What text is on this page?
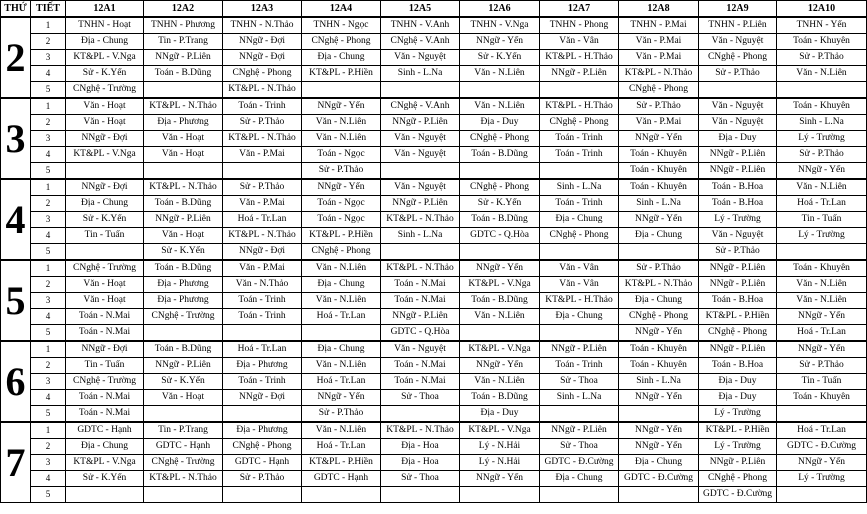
THỨ	TIẾT	12A1	12A2	12A3	12A4	12A5	12A6	12A7	12A8	12A9	12A10
2	1	TNHN - Hoạt	TNHN - Phương	TNHN - N.Thảo	TNHN - Ngọc	TNHN - V.Anh	TNHN - V.Nga	TNHN - Phong	TNHN - P.Mai	TNHN - P.Liên	TNHN - Yến
	2	Địa - Chung	Tin - P.Trang	NNgữ - Đợi	CNghệ - Phong	CNghệ - V.Anh	NNgữ - Yến	Văn - Vân	Văn - P.Mai	Văn - Nguyệt	Toán - Khuyên
	3	KT&PL - V.Nga	NNgữ - P.Liên	NNgữ - Đợi	Địa - Chung	Văn - Nguyệt	Sử - K.Yến	KT&PL - H.Thảo	Văn - P.Mai	CNghệ - Phong	Sử - P.Thảo
	4	Sử - K.Yến	Toán - B.Dũng	CNghệ - Phong	KT&PL - P.Hiền	Sinh - L.Na	Văn - N.Liên	NNgữ - P.Liên	KT&PL - N.Thảo	Sử - P.Thảo	Văn - N.Liên
	5	CNghệ - Trường		KT&PL - N.Thảo					CNghệ - Phong		
3	1	Văn - Hoạt	KT&PL - N.Thảo	Toán - Trinh	NNgữ - Yến	CNghệ - V.Anh	Văn - N.Liên	KT&PL - H.Thảo	Sử - P.Thảo	Văn - Nguyệt	Toán - Khuyên
	2	Văn - Hoạt	Địa - Phương	Sử - P.Thảo	Văn - N.Liên	NNgữ - P.Liên	Địa - Duy	CNghệ - Phong	Văn - P.Mai	Văn - Nguyệt	Sinh - L.Na
	3	NNgữ - Đợi	Văn - Hoạt	KT&PL - N.Thảo	Văn - N.Liên	Văn - Nguyệt	CNghệ - Phong	Toán - Trinh	NNgữ - Yến	Địa - Duy	Lý - Trường
	4	KT&PL - V.Nga	Văn - Hoạt	Văn - P.Mai	Toán - Ngọc	Văn - Nguyệt	Toán - B.Dũng	Toán - Trinh	Toán - Khuyên	NNgữ - P.Liên	Sử - P.Thảo
	5				Sử - P.Thảo				Toán - Khuyên	NNgữ - P.Liên	NNgữ - Yến
4	1	NNgữ - Đợi	KT&PL - N.Thảo	Sử - P.Thảo	NNgữ - Yến	Văn - Nguyệt	CNghệ - Phong	Sinh - L.Na	Toán - Khuyên	Toán - B.Hoa	Văn - N.Liên
	2	Địa - Chung	Toán - B.Dũng	Văn - P.Mai	Toán - Ngọc	NNgữ - P.Liên	Sử - K.Yến	Toán - Trinh	Sinh - L.Na	Toán - B.Hoa	Hoá - Tr.Lan
	3	Sử - K.Yến	NNgữ - P.Liên	Hoá - Tr.Lan	Toán - Ngọc	KT&PL - N.Thảo	Toán - B.Dũng	Địa - Chung	NNgữ - Yến	Lý - Trường	Tin - Tuấn
	4	Tin - Tuấn	Văn - Hoạt	KT&PL - N.Thảo	KT&PL - P.Hiền	Sinh - L.Na	GDTC - Q.Hòa	CNghệ - Phong	Địa - Chung	Văn - Nguyệt	Lý - Trường
	5		Sử - K.Yến	NNgữ - Đợi	CNghệ - Phong					Sử - P.Thảo	
5	1	CNghệ - Trường	Toán - B.Dũng	Văn - P.Mai	Văn - N.Liên	KT&PL - N.Thảo	NNgữ - Yến	Văn - Vân	Sử - P.Thảo	NNgữ - P.Liên	Toán - Khuyên
	2	Văn - Hoạt	Địa - Phương	Văn - N.Thảo	Địa - Chung	Toán - N.Mai	KT&PL - V.Nga	Văn - Vân	KT&PL - N.Thảo	NNgữ - P.Liên	Văn - N.Liên
	3	Văn - Hoạt	Địa - Phương	Toán - Trinh	Văn - N.Liên	Toán - N.Mai	Toán - B.Dũng	KT&PL - H.Thảo	Địa - Chung	Toán - B.Hoa	Văn - N.Liên
	4	Toán - N.Mai	CNghệ - Trường	Toán - Trinh	Hoá - Tr.Lan	NNgữ - P.Liên	Văn - N.Liên	Địa - Chung	CNghệ - Phong	KT&PL - P.Hiền	NNgữ - Yến
	5	Toán - N.Mai				GDTC - Q.Hòa			NNgữ - Yến	CNghệ - Phong	Hoá - Tr.Lan
6	1	NNgữ - Đợi	Toán - B.Dũng	Hoá - Tr.Lan	Địa - Chung	Văn - Nguyệt	KT&PL - V.Nga	NNgữ - P.Liên	Toán - Khuyên	NNgữ - P.Liên	NNgữ - Yến
	2	Tin - Tuấn	NNgữ - P.Liên	Địa - Phương	Văn - N.Liên	Toán - N.Mai	NNgữ - Yến	Toán - Trinh	Toán - Khuyên	Toán - B.Hoa	Sử - P.Thảo
	3	CNghệ - Trường	Sử - K.Yến	Toán - Trinh	Hoá - Tr.Lan	Toán - N.Mai	Văn - N.Liên	Sử - Thoa	Sinh - L.Na	Địa - Duy	Tin - Tuấn
	4	Toán - N.Mai	Văn - Hoạt	NNgữ - Đợi	NNgữ - Yến	Sử - Thoa	Toán - B.Dũng	Sinh - L.Na	NNgữ - Yến	Địa - Duy	Toán - Khuyên
	5	Toán - N.Mai			Sử - P.Thảo		Địa - Duy			Lý - Trường	
7	1	GDTC - Hạnh	Tin - P.Trang	Địa - Phương	Văn - N.Liên	KT&PL - N.Thảo	KT&PL - V.Nga	NNgữ - P.Liên	NNgữ - Yến	KT&PL - P.Hiền	Hoá - Tr.Lan
	2	Địa - Chung	GDTC - Hạnh	CNghệ - Phong	Hoá - Tr.Lan	Địa - Hoa	Lý - N.Hải	Sử - Thoa	NNgữ - Yến	Lý - Trường	GDTC - Đ.Cường
	3	KT&PL - V.Nga	CNghệ - Trường	GDTC - Hạnh	KT&PL - P.Hiền	Địa - Hoa	Lý - N.Hải	GDTC - Đ.Cường	Địa - Chung	NNgữ - P.Liên	NNgữ - Yến
	4	Sử - K.Yến	KT&PL - N.Thảo	Sử - P.Thảo	GDTC - Hạnh	Sử - Thoa	NNgữ - Yến	Địa - Chung	GDTC - Đ.Cường	CNghệ - Phong	Lý - Trường
	5									GDTC - Đ.Cường	
